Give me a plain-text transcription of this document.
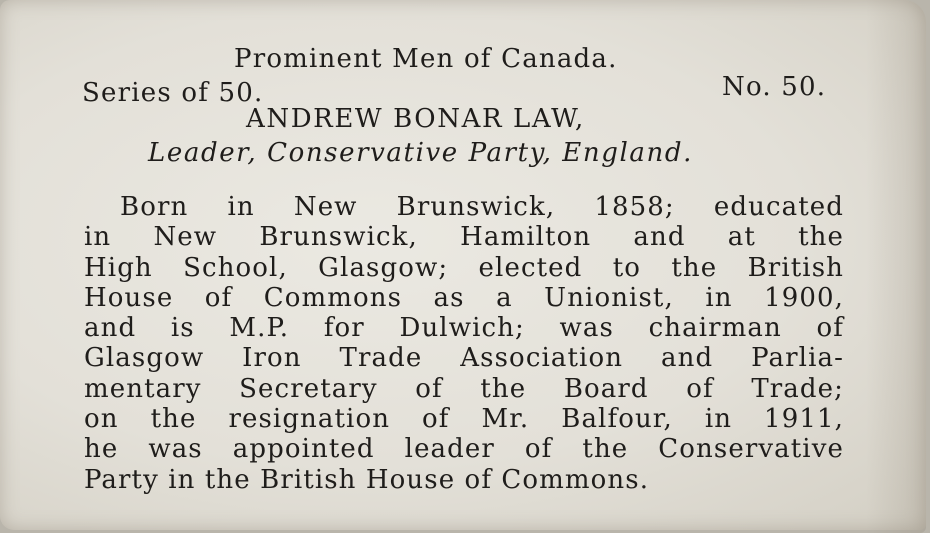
Prominent Men of Canada.
Series of 50.	No. 50.
ANDREW BONAR LAW,
Leader, Conservative Party, England.
Born in New Brunswick, 1858; educated
in New Brunswick, Hamilton and at the
High School, Glasgow; elected to the British
House of Commons as a Unionist, in 1900,
and is M.P. for Dulwich; was chairman of
Glasgow Iron Trade Association and Parlia-
mentary Secretary of the Board of Trade;
on the resignation of Mr. Balfour, in 1911,
he was appointed leader of the Conservative
Party in the British House of Commons.
